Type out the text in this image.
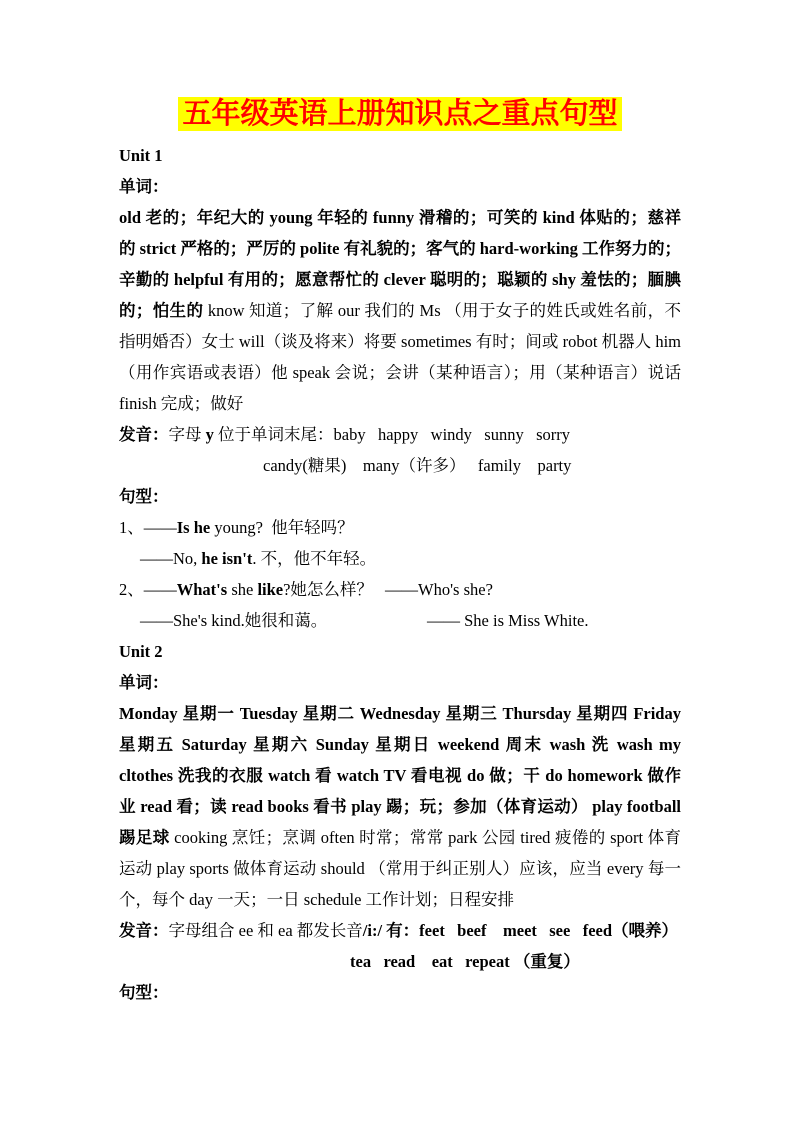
五年级英语上册知识点之重点句型

Unit 1

单词：

old 老的；年纪大的 young 年轻的 funny 滑稽的；可笑的 kind 体贴的；慈祥的 strict 严格的；严厉的 polite 有礼貌的；客气的 hard-working 工作努力的；辛勤的 helpful 有用的；愿意帮忙的 clever 聪明的；聪颖的 shy 羞怯的；腼腆的；怕生的 know 知道；了解 our 我们的 Ms （用于女子的姓氏或姓名前，不指明婚否）女士 will（谈及将来）将要 sometimes 有时；间或 robot 机器人 him （用作宾语或表语）他 speak 会说；会讲（某种语言）；用（某种语言）说话 finish 完成；做好

发音：字母 y 位于单词末尾：baby   happy   windy   sunny   sorry

candy(糖果)    many（许多）   family    party

句型：

1、——Is he young?  他年轻吗？

——No, he isn't. 不，他不年轻。

2、——What's she like?她怎么样？ ——Who's she?

——She's kind.她很和蔼。	—— She is Miss White.

Unit 2

单词：

Monday 星期一 Tuesday 星期二 Wednesday 星期三 Thursday 星期四 Friday 星期五 Saturday 星期六 Sunday 星期日 weekend 周末 wash 洗 wash my cltothes 洗我的衣服 watch 看 watch TV 看电视 do 做；干 do homework 做作业 read 看；读 read books 看书 play 踢；玩；参加（体育运动） play football 踢足球 cooking 烹饪；烹调 often 时常；常常 park 公园 tired 疲倦的 sport 体育运动 play sports 做体育运动 should （常用于纠正别人）应该，应当 every 每一个，每个 day 一天；一日 schedule 工作计划；日程安排

发音：字母组合 ee 和 ea 都发长音/i:/ 有：feet   beef    meet   see   feed（喂养）

tea   read    eat   repeat （重复）

句型：
